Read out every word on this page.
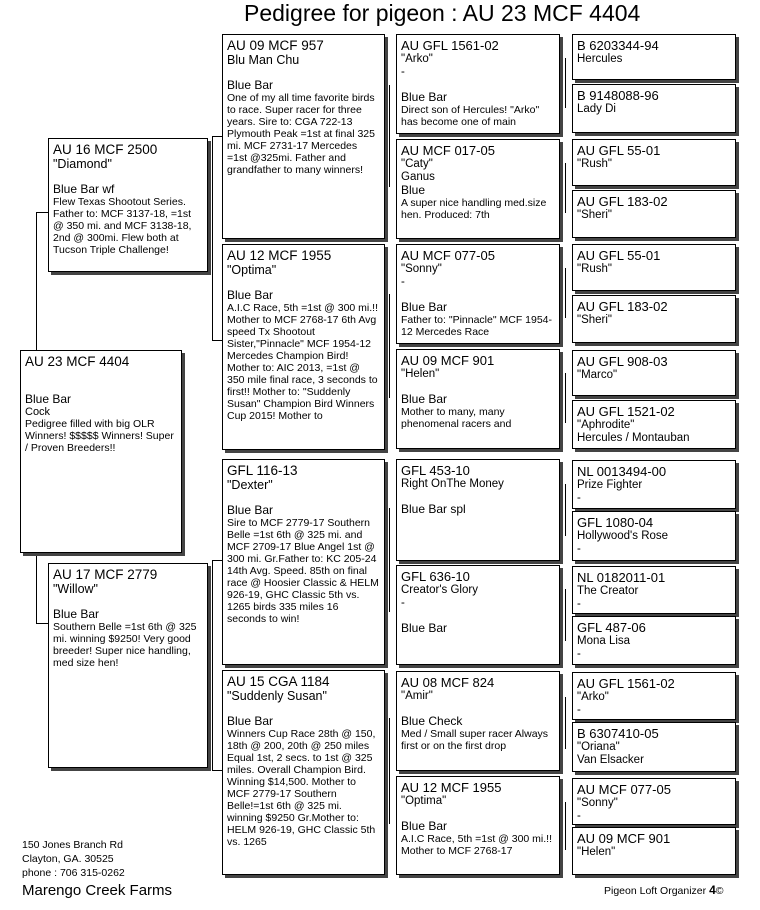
Pedigree for pigeon : AU 23 MCF 4404
AU 23 MCF 4404
Blue Bar
Cock
Pedigree filled with big OLR Winners! $$$$$ Winners! Super / Proven Breeders!!
AU 16 MCF 2500
"Diamond"
Blue Bar wf
Flew Texas Shootout Series. Father to: MCF 3137-18, =1st @ 350 mi. and MCF 3138-18, 2nd @ 300mi. Flew both at Tucson Triple Challenge!
AU 17 MCF 2779
"Willow"
Blue Bar
Southern Belle =1st 6th @ 325 mi. winning $9250! Very good breeder! Super nice handling, med size hen!
AU 09 MCF 957
Blu Man Chu
Blue Bar
One of my all time favorite birds to race. Super racer for three years. Sire to: CGA 722-13 Plymouth Peak =1st at final 325 mi. MCF 2731-17 Mercedes =1st @325mi. Father and grandfather to many winners!
AU 12 MCF 1955
"Optima"
Blue Bar
A.I.C Race, 5th =1st @ 300 mi.!! Mother to MCF 2768-17 6th Avg speed Tx Shootout Sister,"Pinnacle" MCF 1954-12 Mercedes Champion Bird! Mother to: AIC 2013, =1st @ 350 mile final race, 3 seconds to first!! Mother to: "Suddenly Susan" Champion Bird Winners Cup 2015! Mother to
GFL 116-13
"Dexter"
Blue Bar
Sire to MCF 2779-17 Southern Belle =1st 6th @ 325 mi. and MCF 2709-17 Blue Angel 1st @ 300 mi. Gr.Father to: KC 205-24 14th Avg. Speed. 85th on final race @ Hoosier Classic & HELM 926-19, GHC Classic 5th vs. 1265 birds 335 miles 16 seconds to win!
AU 15 CGA 1184
"Suddenly Susan"
Blue Bar
Winners Cup Race 28th @ 150, 18th @ 200, 20th @ 250 miles Equal 1st, 2 secs. to 1st @ 325 miles. Overall Champion Bird. Winning $14,500. Mother to MCF 2779-17 Southern Belle!=1st 6th @ 325 mi. winning $9250 Gr.Mother to: HELM 926-19, GHC Classic 5th vs. 1265
AU GFL 1561-02
"Arko"
-
Blue Bar
Direct son of Hercules! "Arko" has become one of main
AU MCF 017-05
"Caty"
Ganus
Blue
A super nice handling med.size hen. Produced: 7th
AU MCF 077-05
"Sonny"
-
Blue Bar
Father to: "Pinnacle" MCF 1954-12 Mercedes Race
AU 09 MCF 901
"Helen"
Blue Bar
Mother to many, many phenomenal racers and
GFL 453-10
Right OnThe Money
Blue Bar spl
GFL 636-10
Creator's Glory
-
Blue Bar
AU 08 MCF 824
"Amir"
Blue Check
Med / Small super racer Always first or on the first drop
AU 12 MCF 1955
"Optima"
Blue Bar
A.I.C Race, 5th =1st @ 300 mi.!! Mother to MCF 2768-17
B 6203344-94
Hercules
B 9148088-96
Lady Di
AU GFL 55-01
"Rush"
AU GFL 183-02
"Sheri"
AU GFL 55-01
"Rush"
AU GFL 183-02
"Sheri"
AU GFL 908-03
"Marco"
AU GFL 1521-02
"Aphrodite"
Hercules / Montauban
NL 0013494-00
Prize Fighter
-
GFL 1080-04
Hollywood's Rose
-
NL 0182011-01
The Creator
-
GFL 487-06
Mona Lisa
-
AU GFL 1561-02
"Arko"
-
B 6307410-05
"Oriana"
Van Elsacker
AU MCF 077-05
"Sonny"
-
AU 09 MCF 901
"Helen"
150 Jones Branch Rd
Clayton, GA. 30525
phone : 706 315-0262
Marengo Creek Farms	Pigeon Loft Organizer 4©
